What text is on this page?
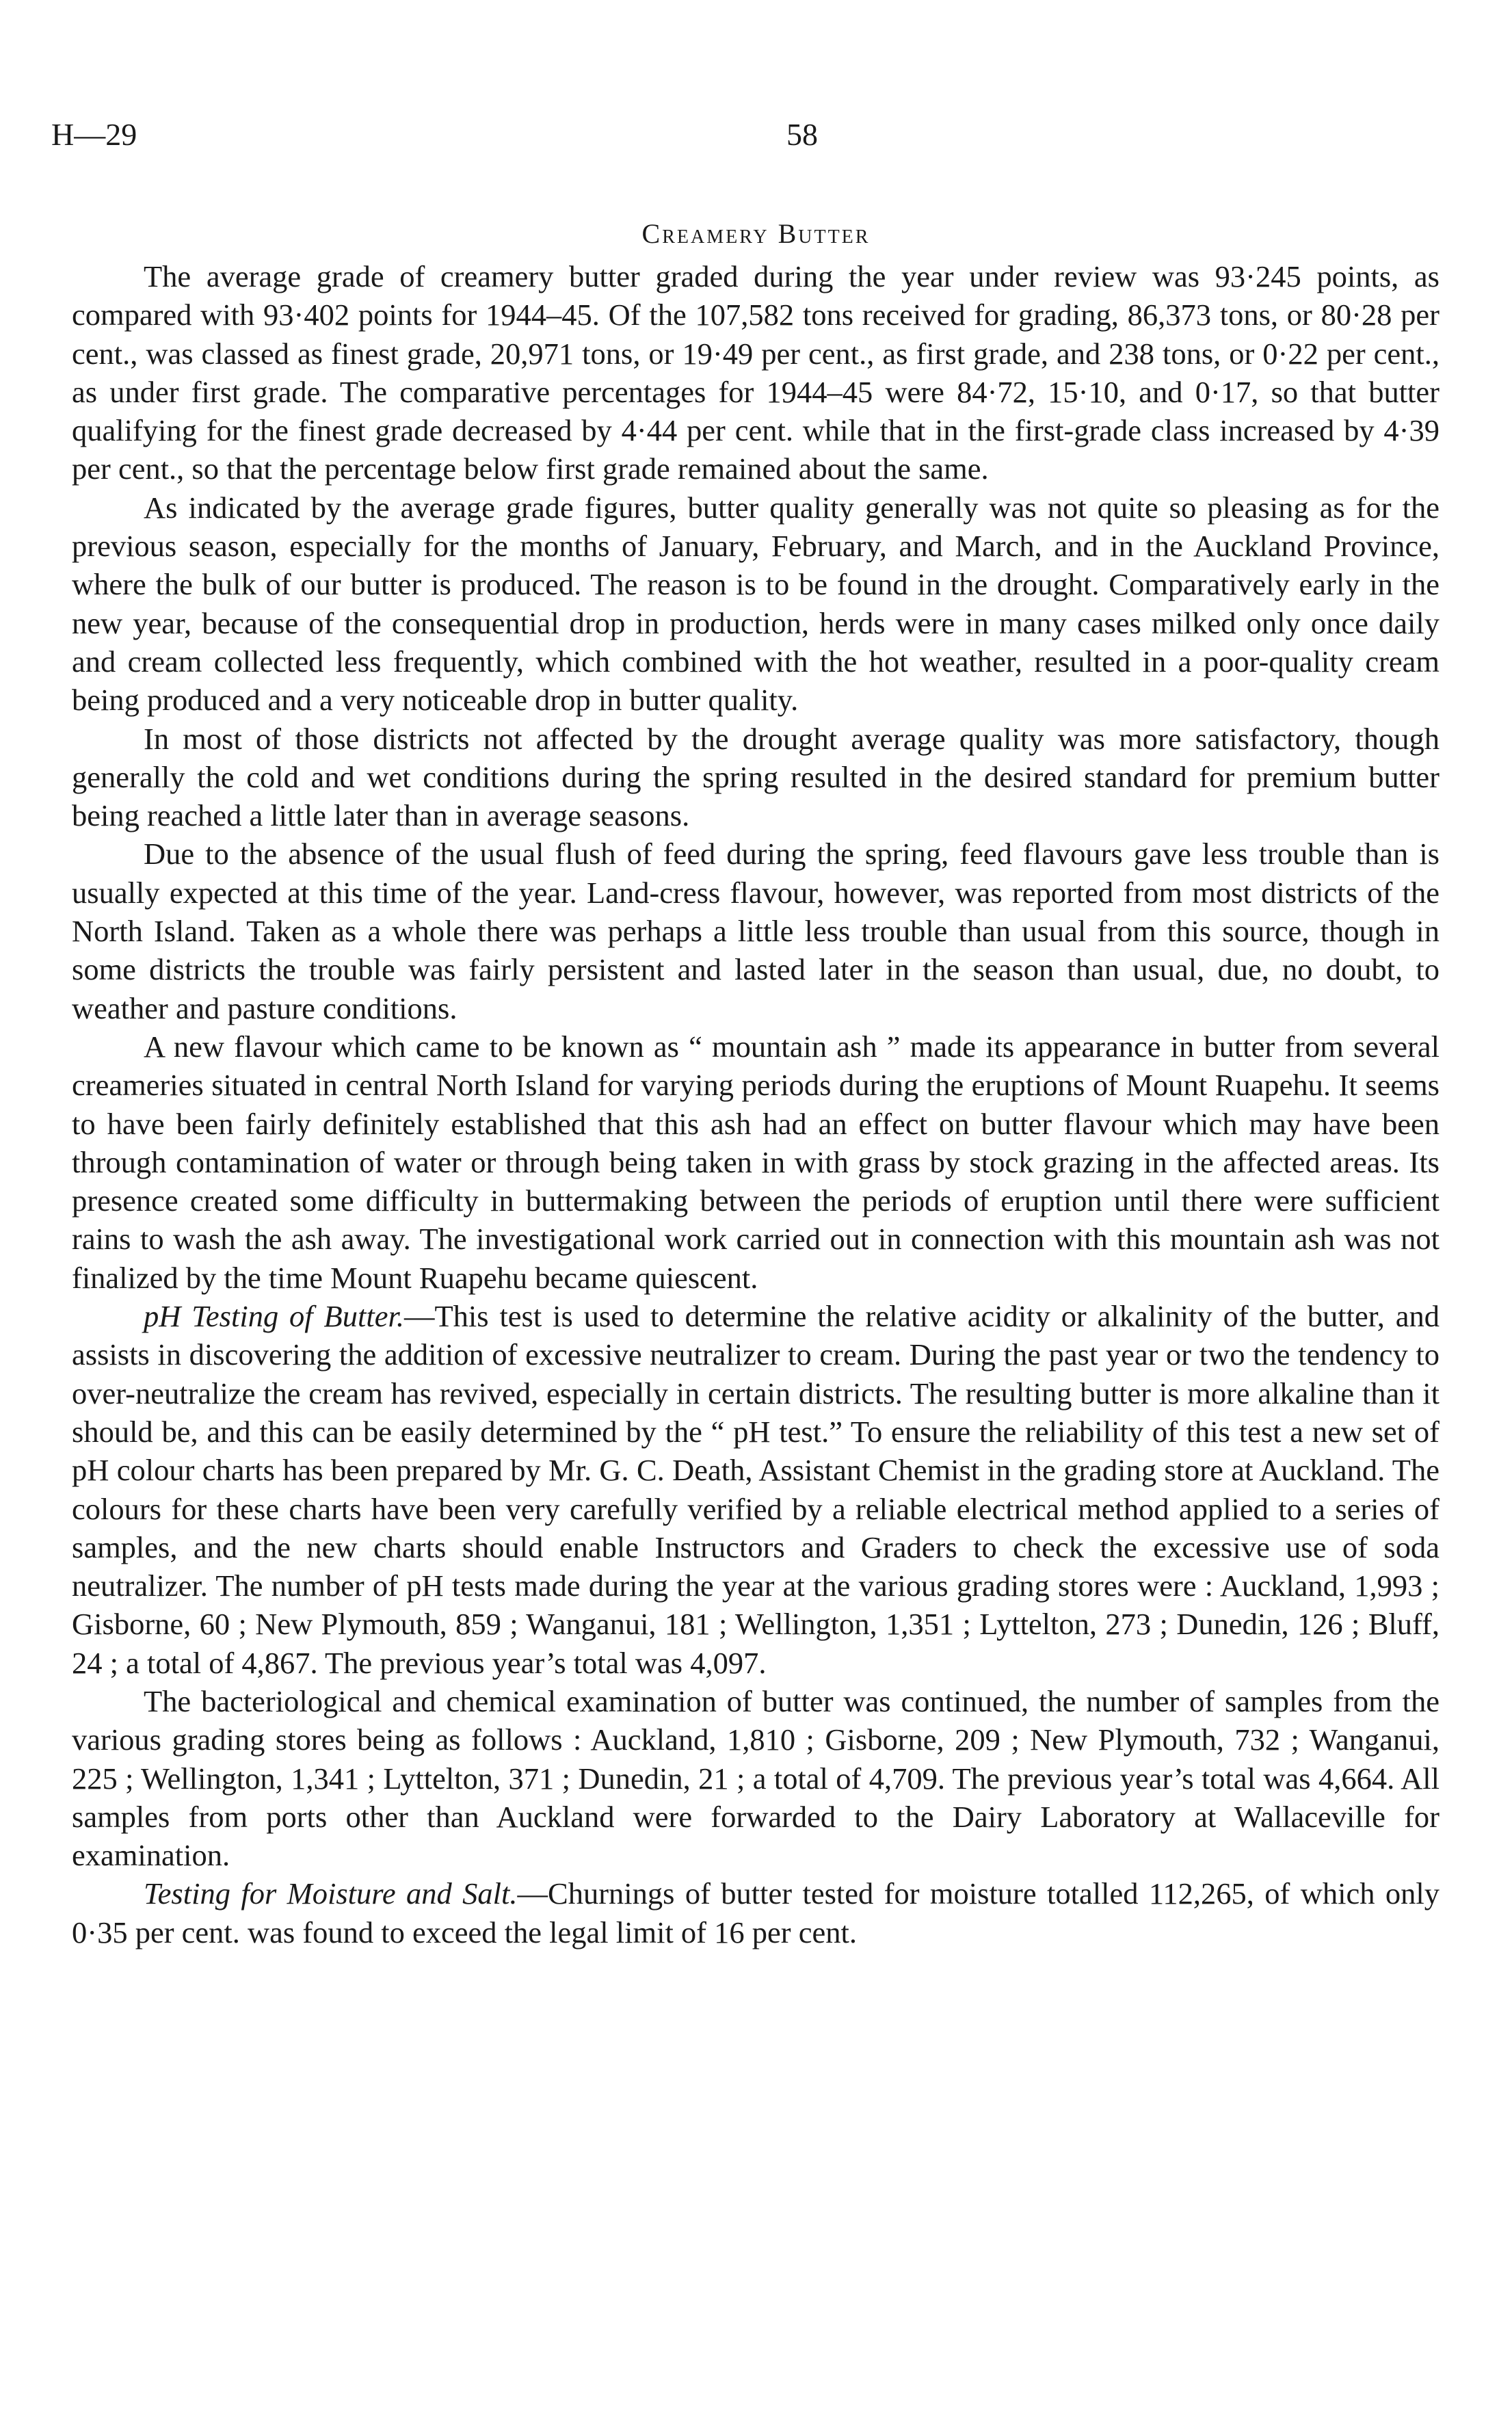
H—29	58
Creamery Butter

The average grade of creamery butter graded during the year under review was 93·245 points, as compared with 93·402 points for 1944–45. Of the 107,582 tons received for grading, 86,373 tons, or 80·28 per cent., was classed as finest grade, 20,971 tons, or 19·49 per cent., as first grade, and 238 tons, or 0·22 per cent., as under first grade. The comparative percentages for 1944–45 were 84·72, 15·10, and 0·17, so that butter qualifying for the finest grade decreased by 4·44 per cent. while that in the first-grade class increased by 4·39 per cent., so that the percentage below first grade remained about the same.

As indicated by the average grade figures, butter quality generally was not quite so pleasing as for the previous season, especially for the months of January, February, and March, and in the Auckland Province, where the bulk of our butter is produced. The reason is to be found in the drought. Comparatively early in the new year, because of the consequential drop in production, herds were in many cases milked only once daily and cream collected less frequently, which combined with the hot weather, resulted in a poor-quality cream being produced and a very noticeable drop in butter quality.

In most of those districts not affected by the drought average quality was more satisfactory, though generally the cold and wet conditions during the spring resulted in the desired standard for premium butter being reached a little later than in average seasons.

Due to the absence of the usual flush of feed during the spring, feed flavours gave less trouble than is usually expected at this time of the year. Land-cress flavour, however, was reported from most districts of the North Island. Taken as a whole there was perhaps a little less trouble than usual from this source, though in some districts the trouble was fairly persistent and lasted later in the season than usual, due, no doubt, to weather and pasture conditions.

A new flavour which came to be known as “ mountain ash ” made its appearance in butter from several creameries situated in central North Island for varying periods during the eruptions of Mount Ruapehu. It seems to have been fairly definitely established that this ash had an effect on butter flavour which may have been through contamination of water or through being taken in with grass by stock grazing in the affected areas. Its presence created some difficulty in buttermaking between the periods of eruption until there were sufficient rains to wash the ash away. The investigational work carried out in connection with this mountain ash was not finalized by the time Mount Ruapehu became quiescent.

pH Testing of Butter.—This test is used to determine the relative acidity or alkalinity of the butter, and assists in discovering the addition of excessive neutralizer to cream. During the past year or two the tendency to over-neutralize the cream has revived, especially in certain districts. The resulting butter is more alkaline than it should be, and this can be easily determined by the “ pH test.” To ensure the reliability of this test a new set of pH colour charts has been prepared by Mr. G. C. Death, Assistant Chemist in the grading store at Auckland. The colours for these charts have been very carefully verified by a reliable electrical method applied to a series of samples, and the new charts should enable Instructors and Graders to check the excessive use of soda neutralizer. The number of pH tests made during the year at the various grading stores were : Auckland, 1,993 ; Gisborne, 60 ; New Plymouth, 859 ; Wanganui, 181 ; Wellington, 1,351 ; Lyttelton, 273 ; Dunedin, 126 ; Bluff, 24 ; a total of 4,867. The previous year’s total was 4,097.

The bacteriological and chemical examination of butter was continued, the number of samples from the various grading stores being as follows : Auckland, 1,810 ; Gisborne, 209 ; New Plymouth, 732 ; Wanganui, 225 ; Wellington, 1,341 ; Lyttelton, 371 ; Dunedin, 21 ; a total of 4,709. The previous year’s total was 4,664. All samples from ports other than Auckland were forwarded to the Dairy Laboratory at Wallaceville for examination.

Testing for Moisture and Salt.—Churnings of butter tested for moisture totalled 112,265, of which only 0·35 per cent. was found to exceed the legal limit of 16 per cent.
